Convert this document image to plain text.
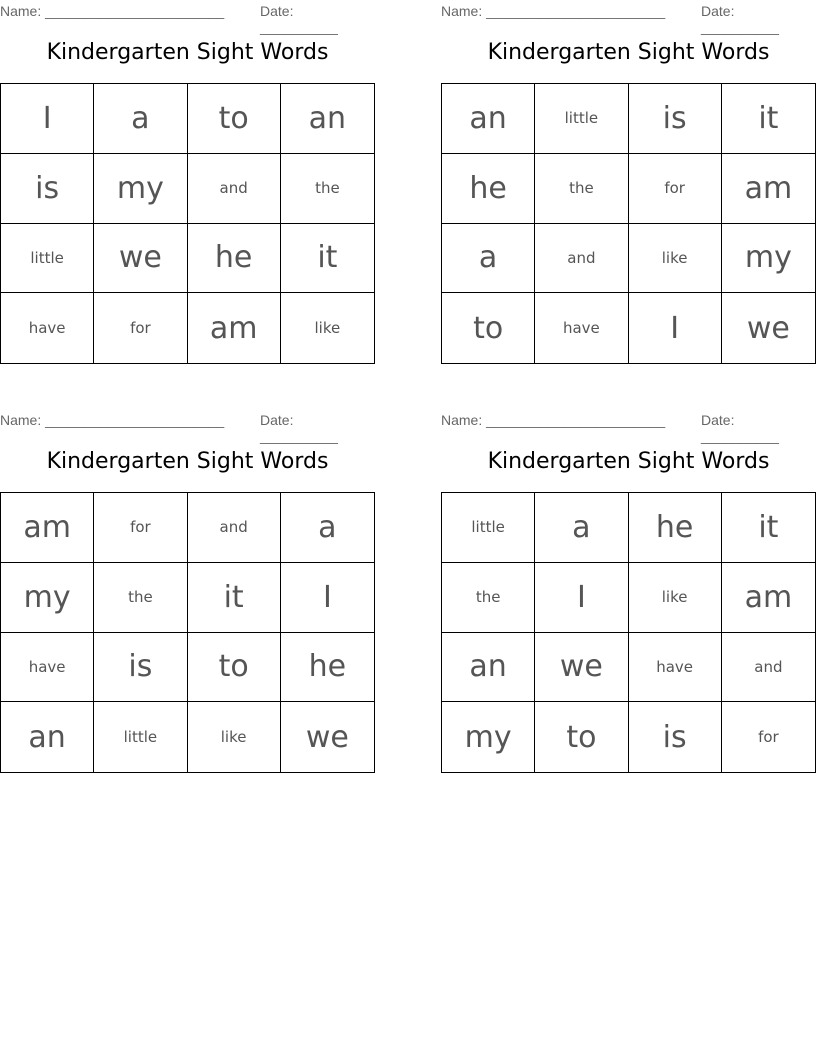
Name: _______________________	Date: __________
Kindergarten Sight Words
I	a	to	an
is	my	and	the
little	we	he	it
have	for	am	like
Name: _______________________	Date: __________
Kindergarten Sight Words
an	little	is	it
he	the	for	am
a	and	like	my
to	have	I	we
Name: _______________________	Date: __________
Kindergarten Sight Words
am	for	and	a
my	the	it	I
have	is	to	he
an	little	like	we
Name: _______________________	Date: __________
Kindergarten Sight Words
little	a	he	it
the	I	like	am
an	we	have	and
my	to	is	for
